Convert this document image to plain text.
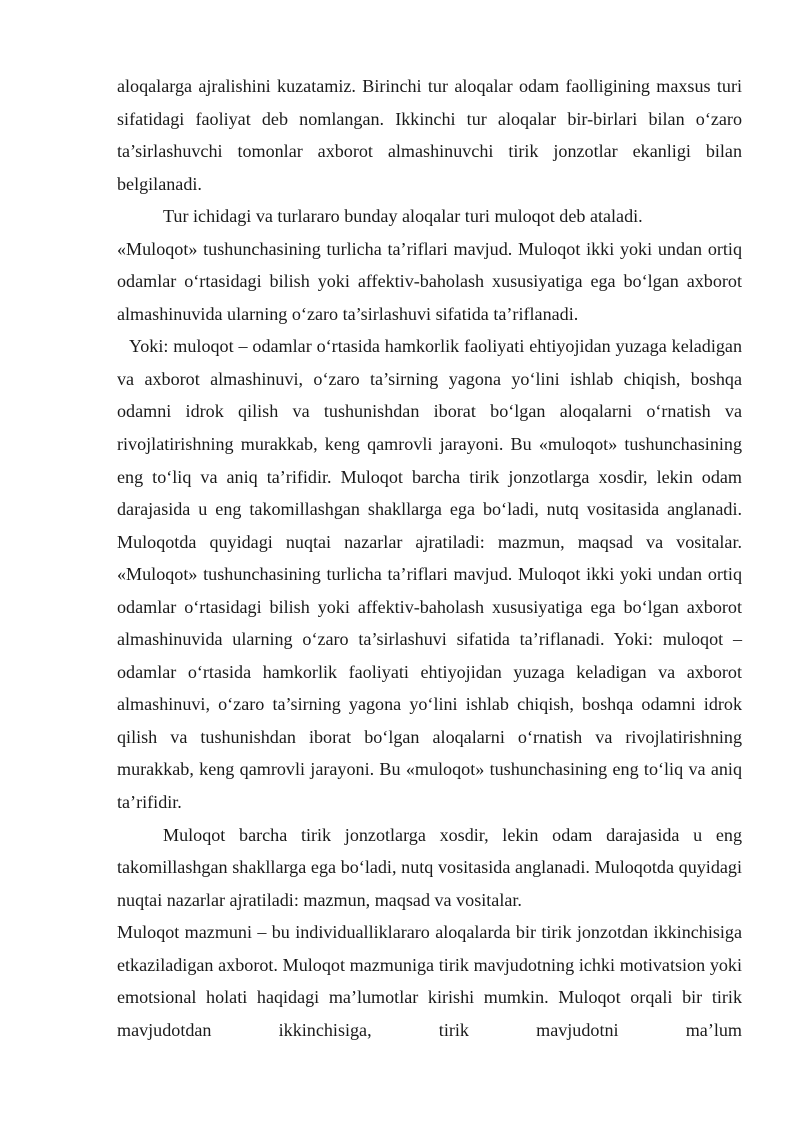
aloqalarga ajralishini kuzatamiz. Birinchi tur aloqalar odam faolligining maxsus turi sifatidagi faoliyat deb nomlangan. Ikkinchi tur aloqalar bir-birlari bilan o‘zaro ta’sirlashuvchi tomonlar axborot almashinuvchi tirik jonzotlar ekanligi bilan belgilanadi.

Tur ichidagi va turlararo bunday aloqalar turi muloqot deb ataladi.

«Muloqot» tushunchasining turlicha ta’riflari mavjud. Muloqot ikki yoki undan ortiq odamlar o‘rtasidagi bilish yoki affektiv-baholash xususiyatiga ega bo‘lgan axborot almashinuvida ularning o‘zaro ta’sirlashuvi sifatida ta’riflanadi.

Yoki: muloqot – odamlar o‘rtasida hamkorlik faoliyati ehtiyojidan yuzaga keladigan va axborot almashinuvi, o‘zaro ta’sirning yagona yo‘lini ishlab chiqish, boshqa odamni idrok qilish va tushunishdan iborat bo‘lgan aloqalarni o‘rnatish va rivojlatirishning murakkab, keng qamrovli jarayoni. Bu «muloqot» tushunchasining eng to‘liq va aniq ta’rifidir. Muloqot barcha tirik jonzotlarga xosdir, lekin odam darajasida u eng takomillashgan shakllarga ega bo‘ladi, nutq vositasida anglanadi. Muloqotda quyidagi nuqtai nazarlar ajratiladi: mazmun, maqsad va vositalar. «Muloqot» tushunchasining turlicha ta’riflari mavjud. Muloqot ikki yoki undan ortiq odamlar o‘rtasidagi bilish yoki affektiv-baholash xususiyatiga ega bo‘lgan axborot almashinuvida ularning o‘zaro ta’sirlashuvi sifatida ta’riflanadi. Yoki: muloqot – odamlar o‘rtasida hamkorlik faoliyati ehtiyojidan yuzaga keladigan va axborot almashinuvi, o‘zaro ta’sirning yagona yo‘lini ishlab chiqish, boshqa odamni idrok qilish va tushunishdan iborat bo‘lgan aloqalarni o‘rnatish va rivojlatirishning murakkab, keng qamrovli jarayoni. Bu «muloqot» tushunchasining eng to‘liq va aniq ta’rifidir.

Muloqot barcha tirik jonzotlarga xosdir, lekin odam darajasida u eng takomillashgan shakllarga ega bo‘ladi, nutq vositasida anglanadi. Muloqotda quyidagi nuqtai nazarlar ajratiladi: mazmun, maqsad va vositalar.

Muloqot mazmuni – bu individualliklararo aloqalarda bir tirik jonzotdan ikkinchisiga etkaziladigan axborot. Muloqot mazmuniga tirik mavjudotning ichki motivatsion yoki emotsional holati haqidagi ma’lumotlar kirishi mumkin. Muloqot orqali bir tirik mavjudotdan ikkinchisiga, tirik mavjudotni ma’lum
